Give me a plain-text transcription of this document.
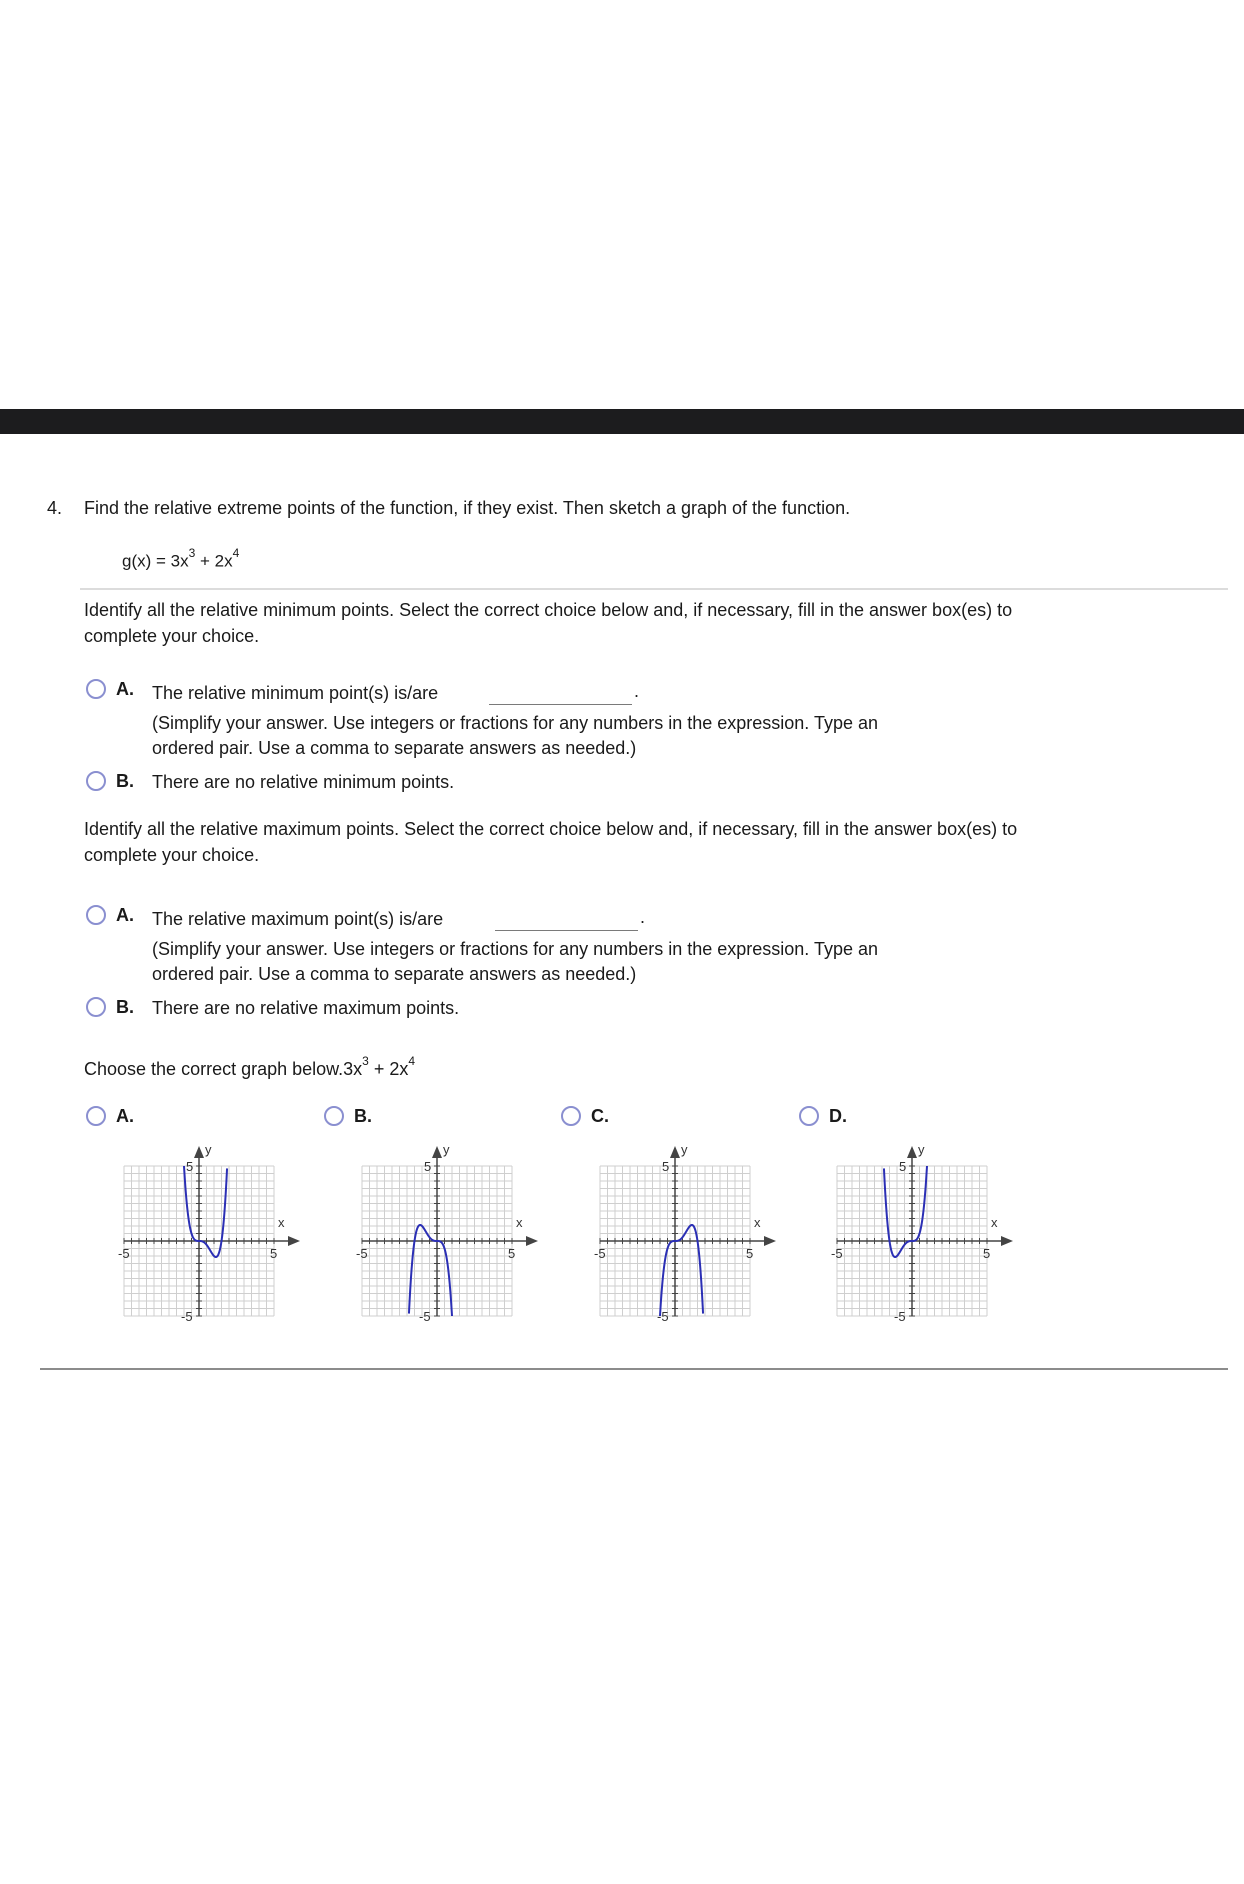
4. Find the relative extreme points of the function, if they exist. Then sketch a graph of the function.
$g(x) = 3x^3 + 2x^4$
Identify all the relative minimum points. Select the correct choice below and, if necessary, fill in the answer box(es) to
complete your choice.
A. The relative minimum point(s) is/are	.
(Simplify your answer. Use integers or fractions for any numbers in the expression. Type an
ordered pair. Use a comma to separate answers as needed.)
B. There are no relative minimum points.
Identify all the relative maximum points. Select the correct choice below and, if necessary, fill in the answer box(es) to
complete your choice.
A. The relative maximum point(s) is/are	.
(Simplify your answer. Use integers or fractions for any numbers in the expression. Type an
ordered pair. Use a comma to separate answers as needed.)
B. There are no relative maximum points.
Choose the correct graph $below.3x^3 + 2x^4$
A.	B.	C.	D.
y
x
-5	5
5
-5
y
x
-5	5
5
-5
y
x
-5	5
5
-5
y
x
-5	5
5
-5
